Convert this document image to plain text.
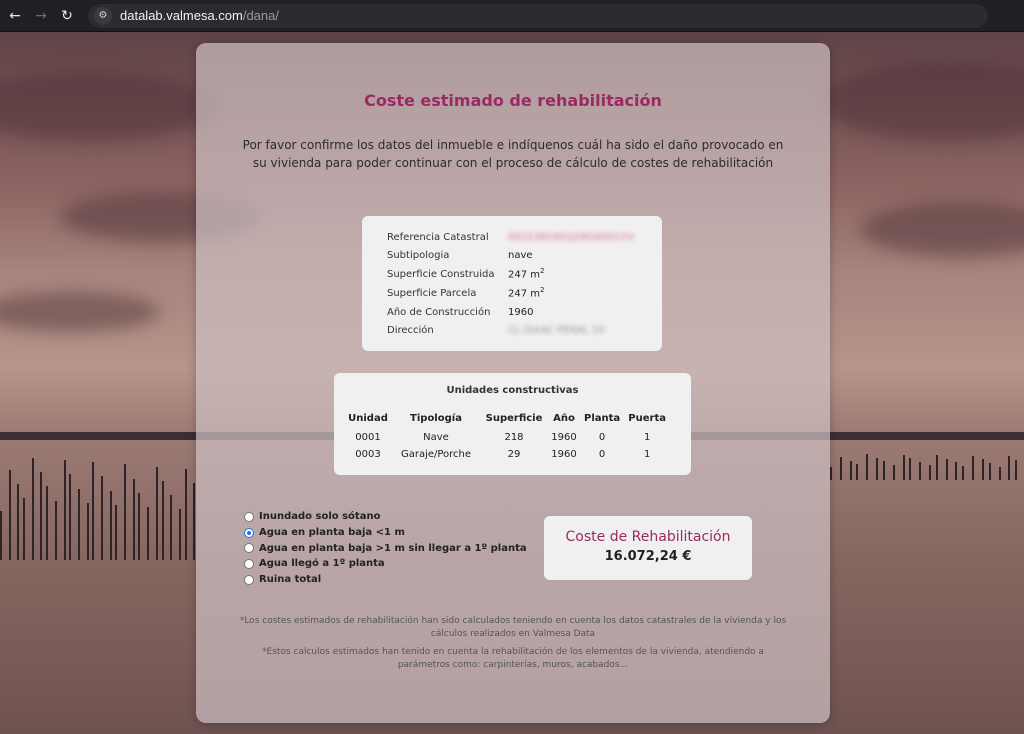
← → ↻	⚙ datalab.valmesa.com/dana/
Coste estimado de rehabilitación
Por favor confirme los datos del inmueble e indíquenos cuál ha sido el daño provocado en su vivienda para poder continuar con el proceso de cálculo de costes de rehabilitación
Referencia Catastral	0015381001J29G0001YU
Subtipologia	nave
Superficie Construida	247 $m^2$
Superficie Parcela	247 $m^2$
Año de Construcción	1960
Dirección	CL ISAAC PERAL 10
Unidades constructivas
Unidad	Tipología	Superficie	Año	Planta	Puerta
0001	Nave	218	1960	0	1
0003	Garaje/Porche	29	1960	0	1
Inundado solo sótano
Agua en planta baja <1 m
Agua en planta baja >1 m sin llegar a 1º planta
Agua llegó a 1º planta
Ruina total
Coste de Rehabilitación
16.072,24 €
*Los costes estimados de rehabilitación han sido calculados teniendo en cuenta los datos catastrales de la vivienda y los cálculos realizados en Valmesa Data
*Estos calculos estimados han tenido en cuenta la rehabilitación de los elementos de la vivienda, atendiendo a parámetros como: carpinterías, muros, acabados...
